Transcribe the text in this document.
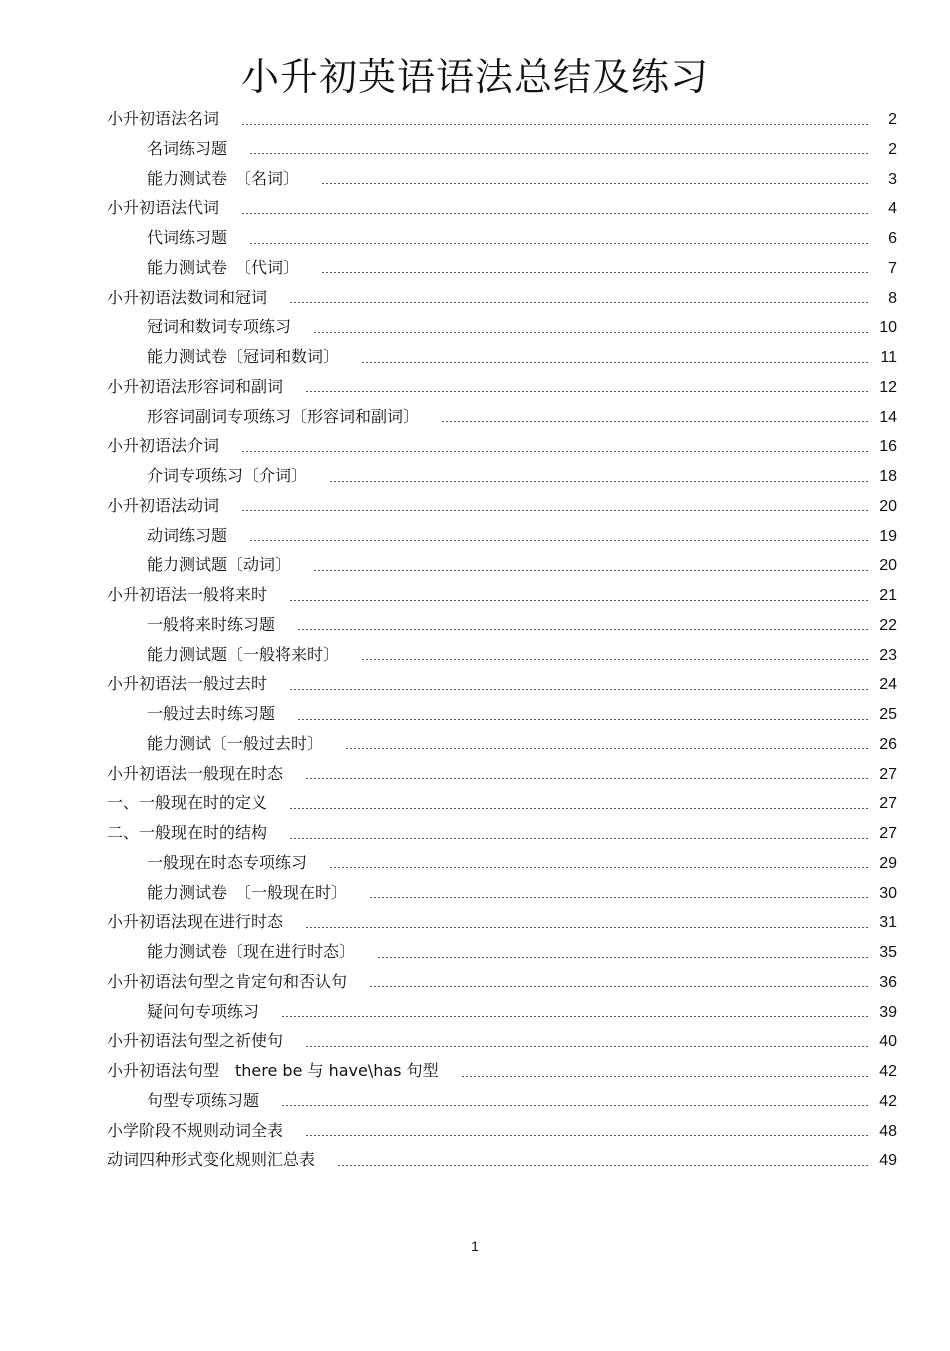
小升初英语语法总结及练习
小升初语法名词	2
名词练习题	2
能力测试卷　〔名词〕	3
小升初语法代词	4
代词练习题	6
能力测试卷　〔代词〕	7
小升初语法数词和冠词	8
冠词和数词专项练习	10
能力测试卷〔冠词和数词〕	11
小升初语法形容词和副词	12
形容词副词专项练习〔形容词和副词〕	14
小升初语法介词	16
介词专项练习〔介词〕	18
小升初语法动词	20
动词练习题	19
能力测试题〔动词〕	20
小升初语法一般将来时	21
一般将来时练习题	22
能力测试题〔一般将来时〕	23
小升初语法一般过去时	24
一般过去时练习题	25
能力测试〔一般过去时〕	26
小升初语法一般现在时态	27
一、一般现在时的定义	27
二、一般现在时的结构	27
一般现在时态专项练习	29
能力测试卷　〔一般现在时〕	30
小升初语法现在进行时态	31
能力测试卷〔现在进行时态〕	35
小升初语法句型之肯定句和否认句	36
疑问句专项练习	39
小升初语法句型之祈使句	40
小升初语法句型　there be 与 have\has 句型	42
句型专项练习题	42
小学阶段不规则动词全表	48
动词四种形式变化规则汇总表	49
1
